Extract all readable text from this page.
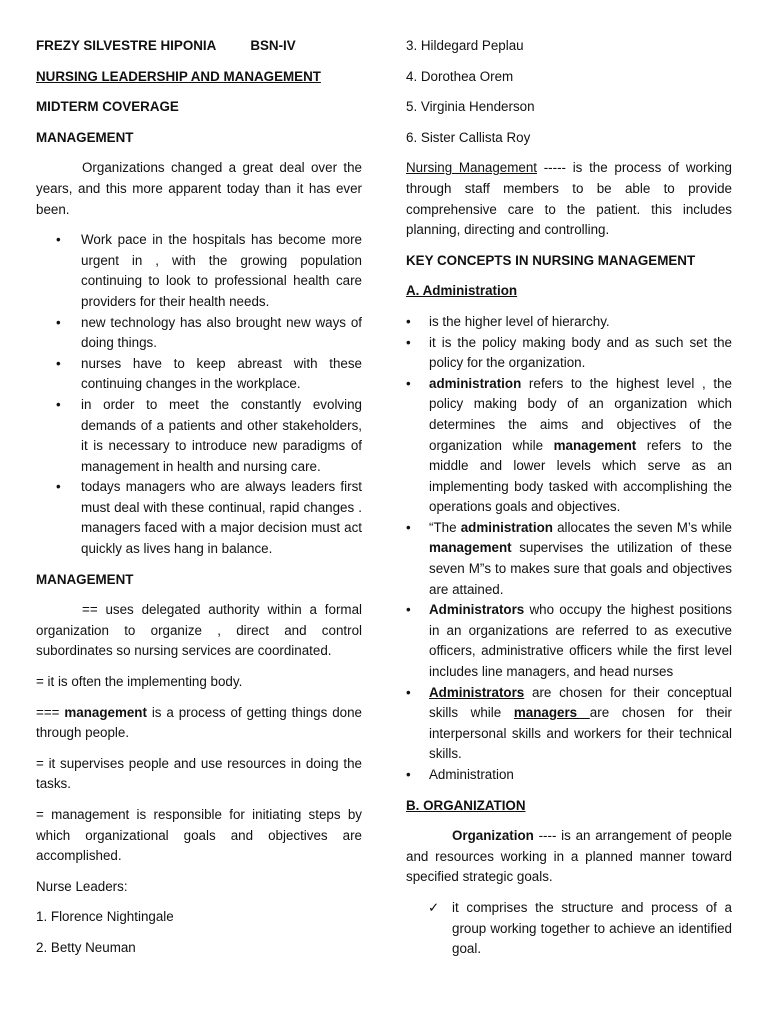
FREZY SILVESTRE HIPONIA	BSN-IV

NURSING LEADERSHIP AND MANAGEMENT

MIDTERM COVERAGE

MANAGEMENT

Organizations changed a great deal over the years, and this more apparent today than it has ever been.

• Work pace in the hospitals has become more urgent in , with the growing population continuing to look to professional health care providers for their health needs.
• new technology has also brought new ways of doing things.
• nurses have to keep abreast with these continuing changes in the workplace.
• in order to meet the constantly evolving demands of a patients and other stakeholders, it is necessary to introduce new paradigms of management in health and nursing care.
• todays managers who are always leaders first must deal with these continual, rapid changes . managers faced with a major decision must act quickly as lives hang in balance.

MANAGEMENT

== uses delegated authority within a formal organization to organize , direct and control subordinates so nursing services are coordinated.

= it is often the implementing body.

=== management is a process of getting things done through people.

= it supervises people and use resources in doing the tasks.

= management is responsible for initiating steps by which organizational goals and objectives are accomplished.

Nurse Leaders:

1. Florence Nightingale

2. Betty Neuman

3. Hildegard Peplau

4. Dorothea Orem

5. Virginia Henderson

6. Sister Callista Roy

Nursing Management ----- is the process of working through staff members to be able to provide comprehensive care to the patient. this includes planning, directing and controlling.

KEY CONCEPTS IN NURSING MANAGEMENT

A. Administration

• is the higher level of hierarchy.
• it is the policy making body and as such set the policy for the organization.
• administration refers to the highest level , the policy making body of an organization which determines the aims and objectives of the organization while management refers to the middle and lower levels which serve as an implementing body tasked with accomplishing the operations goals and objectives.
• “The administration allocates the seven M’s while management supervises the utilization of these seven M”s to makes sure that goals and objectives are attained.
• Administrators who occupy the highest positions in an organizations are referred to as executive officers, administrative officers while the first level includes line managers, and head nurses
• Administrators are chosen for their conceptual skills while managers are chosen for their interpersonal skills and workers for their technical skills.
• Administration

B. ORGANIZATION

Organization ---- is an arrangement of people and resources working in a planned manner toward specified strategic goals.

✓ it comprises the structure and process of a group working together to achieve an identified goal.
